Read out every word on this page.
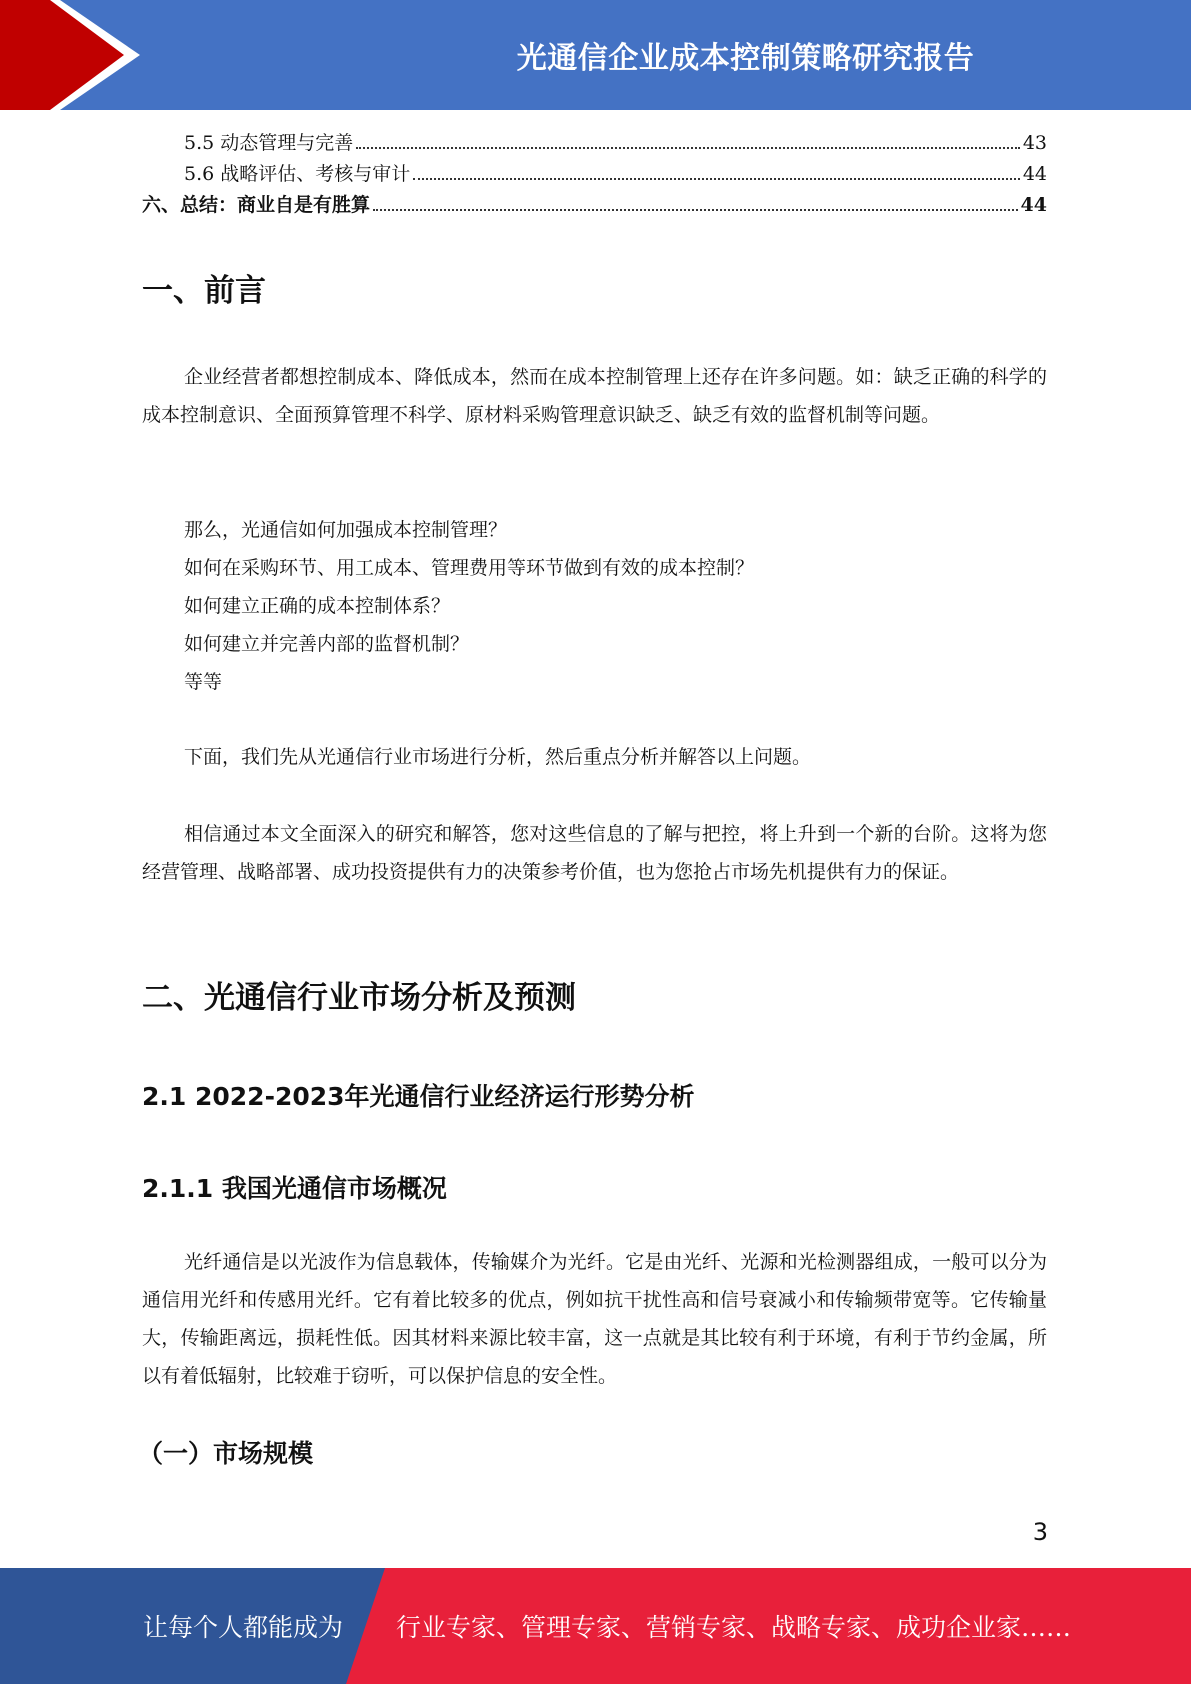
光通信企业成本控制策略研究报告
5.5 动态管理与完善	43
5.6 战略评估、考核与审计	44
六、总结：商业自是有胜算	44
一、前言

企业经营者都想控制成本、降低成本，然而在成本控制管理上还存在许多问题。如：缺乏正确的科学的成本控制意识、全面预算管理不科学、原材料采购管理意识缺乏、缺乏有效的监督机制等问题。

那么，光通信如何加强成本控制管理？
如何在采购环节、用工成本、管理费用等环节做到有效的成本控制？
如何建立正确的成本控制体系？
如何建立并完善内部的监督机制？
等等

下面，我们先从光通信行业市场进行分析，然后重点分析并解答以上问题。

相信通过本文全面深入的研究和解答，您对这些信息的了解与把控，将上升到一个新的台阶。这将为您经营管理、战略部署、成功投资提供有力的决策参考价值，也为您抢占市场先机提供有力的保证。

二、光通信行业市场分析及预测
2.1 2022-2023年光通信行业经济运行形势分析
2.1.1 我国光通信市场概况

光纤通信是以光波作为信息载体，传输媒介为光纤。它是由光纤、光源和光检测器组成，一般可以分为通信用光纤和传感用光纤。它有着比较多的优点，例如抗干扰性高和信号衰减小和传输频带宽等。它传输量大，传输距离远，损耗性低。因其材料来源比较丰富，这一点就是其比较有利于环境，有利于节约金属，所以有着低辐射，比较难于窃听，可以保护信息的安全性。

（一）市场规模
3
让每个人都能成为 行业专家、管理专家、营销专家、战略专家、成功企业家……
